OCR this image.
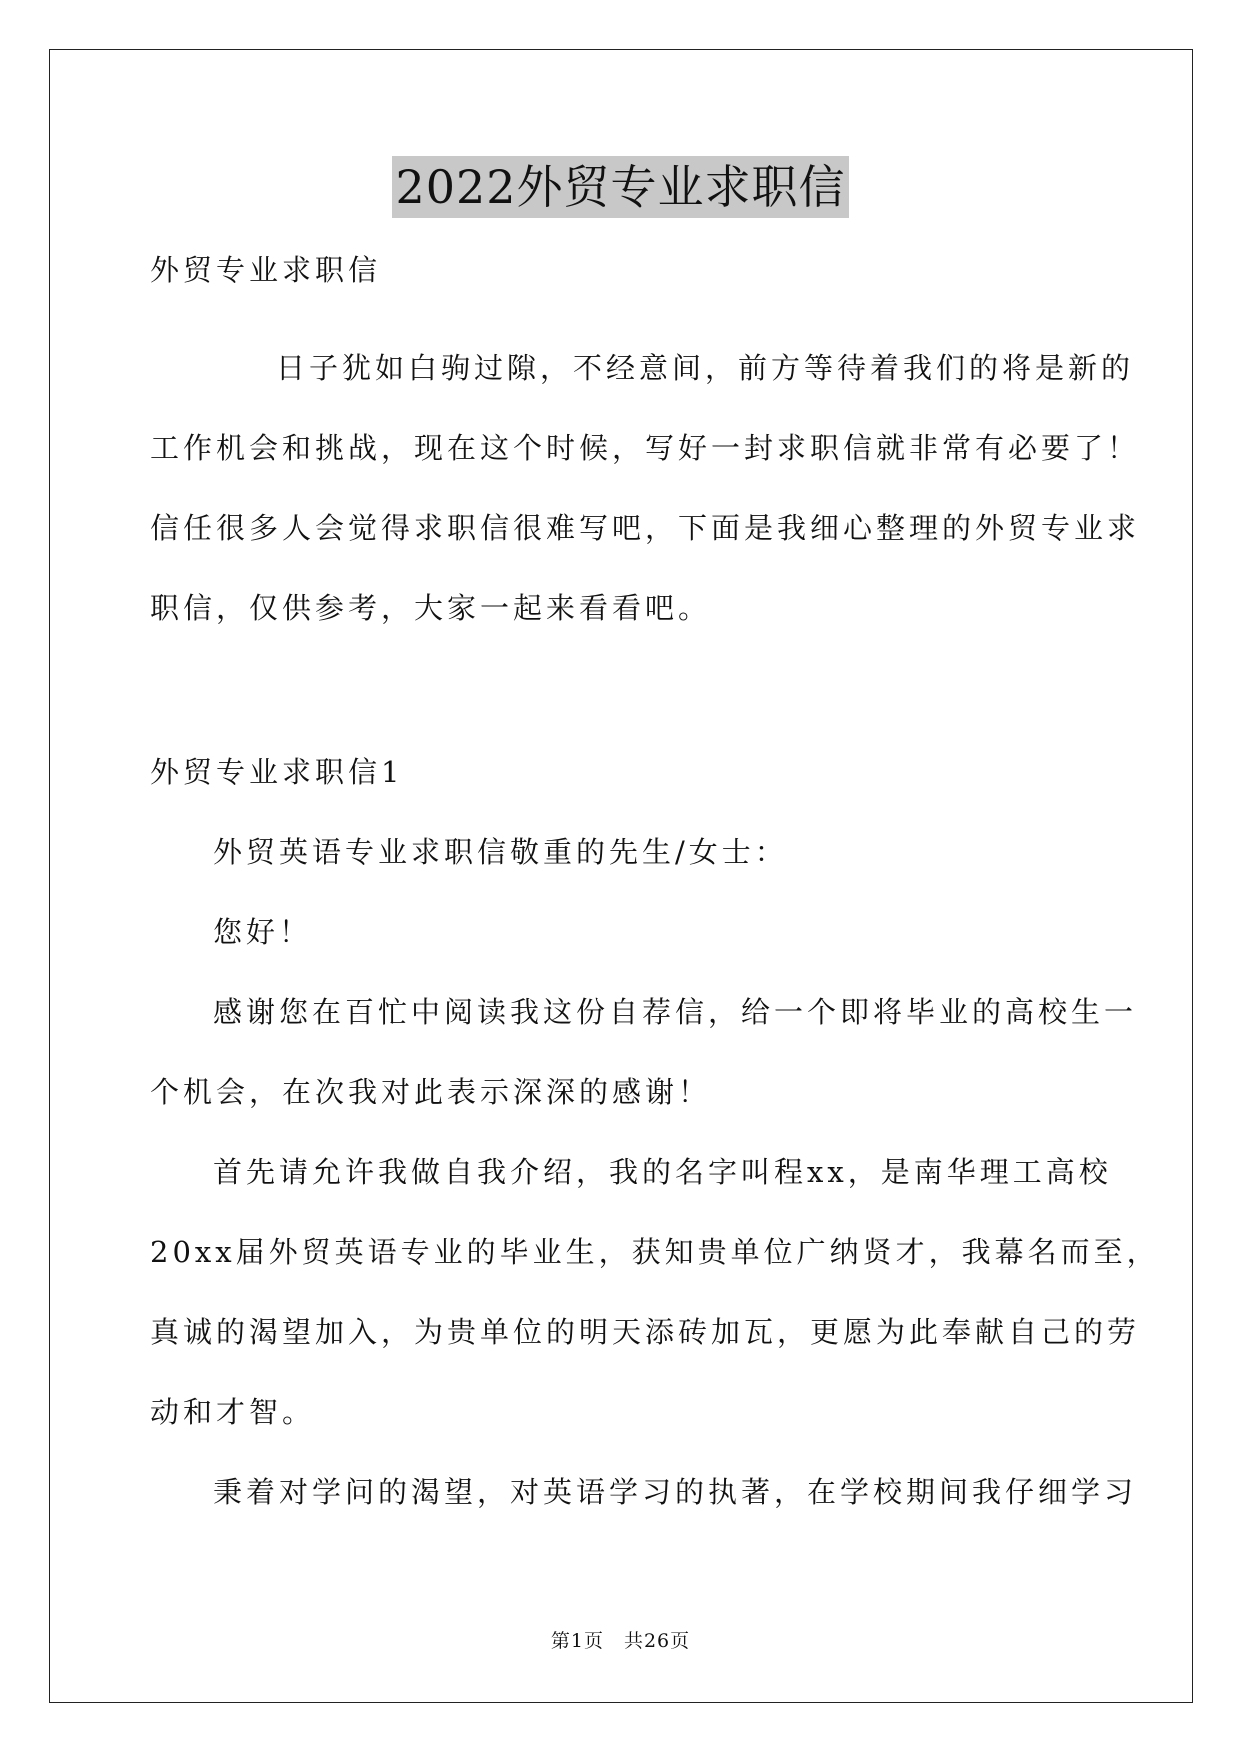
2022外贸专业求职信
外贸专业求职信
日子犹如白驹过隙，不经意间，前方等待着我们的将是新的
工作机会和挑战，现在这个时候，写好一封求职信就非常有必要了！
信任很多人会觉得求职信很难写吧，下面是我细心整理的外贸专业求
职信，仅供参考，大家一起来看看吧。
外贸专业求职信1
外贸英语专业求职信敬重的先生/女士：
您好！
感谢您在百忙中阅读我这份自荐信，给一个即将毕业的高校生一
个机会，在次我对此表示深深的感谢！
首先请允许我做自我介绍，我的名字叫程xx，是南华理工高校
20xx届外贸英语专业的毕业生，获知贵单位广纳贤才，我幕名而至，
真诚的渴望加入，为贵单位的明天添砖加瓦，更愿为此奉献自己的劳
动和才智。
秉着对学问的渴望，对英语学习的执著，在学校期间我仔细学习
第1页　共26页
